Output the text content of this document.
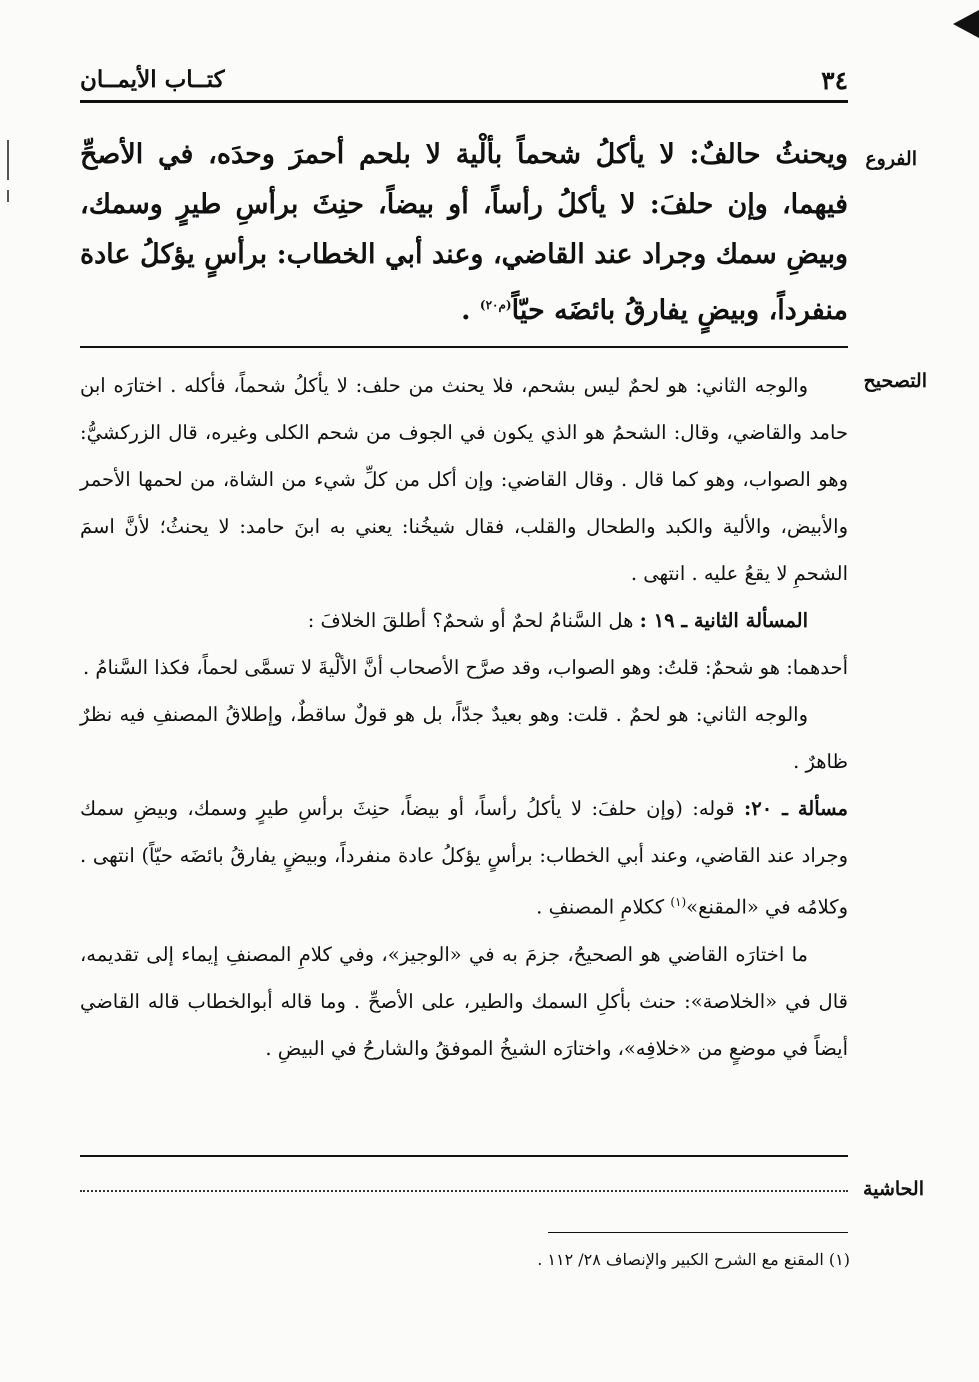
٣٤
كتــاب الأيمــان
الفروع

ويحنثُ حالفٌ: لا يأكلُ شحماً بألْية لا بلحم أحمرَ وحدَه، في الأصحِّ فيهما، وإن حلفَ: لا يأكلُ رأساً، أو بيضاً، حنِثَ برأسِ طيرٍ وسمك، وبيضِ سمك وجراد عند القاضي، وعند أبي الخطاب: برأسٍ يؤكلُ عادة منفرداً، وبيضٍ يفارقُ بائضَه حيّاً$^{(م٢٠)}$ .

التصحيح

والوجه الثاني: هو لحمٌ ليس بشحم، فلا يحنث من حلف: لا يأكلُ شحماً، فأكله . اختارَه ابن حامد والقاضي، وقال: الشحمُ هو الذي يكون في الجوف من شحم الكلى وغيره، قال الزركشيُّ: وهو الصواب، وهو كما قال . وقال القاضي: وإن أكل من كلِّ شيء من الشاة، من لحمها الأحمر والأبيض، والألية والكبد والطحال والقلب، فقال شيخُنا: يعني به ابنَ حامد: لا يحنثُ؛ لأنَّ اسمَ الشحمِ لا يقعُ عليه . انتهى .

المسألة الثانية ـ ١٩ : هل السَّنامُ لحمٌ أو شحمٌ؟ أطلقَ الخلافَ :

أحدهما: هو شحمٌ: قلتُ: وهو الصواب، وقد صرَّح الأصحاب أنَّ الألْيةَ لا تسمَّى لحماً، فكذا السَّنامُ .

والوجه الثاني: هو لحمٌ . قلت: وهو بعيدٌ جدّاً، بل هو قولٌ ساقطٌ، وإطلاقُ المصنفِ فيه نظرٌ ظاهرٌ .

مسألة ـ ٢٠: قوله: (وإن حلفَ: لا يأكلُ رأساً، أو بيضاً، حنِثَ برأسِ طيرٍ وسمك، وبيضِ سمك وجراد عند القاضي، وعند أبي الخطاب: برأسٍ يؤكلُ عادة منفرداً، وبيضٍ يفارقُ بائضَه حيّاً) انتهى . وكلامُه في «المقنع»$^{(١)}$ ككلامِ المصنفِ .

ما اختارَه القاضي هو الصحيحُ، جزمَ به في «الوجيز»، وفي كلامِ المصنفِ إيماء إلى تقديمه، قال في «الخلاصة»: حنث بأكلِ السمك والطير، على الأصحِّ . وما قاله أبوالخطاب قاله القاضي أيضاً في موضعٍ من «خلافِه»، واختارَه الشيخُ الموفقُ والشارحُ في البيضِ .

الحاشية
(١) المقنع مع الشرح الكبير والإنصاف ٢٨/ ١١٢ .
